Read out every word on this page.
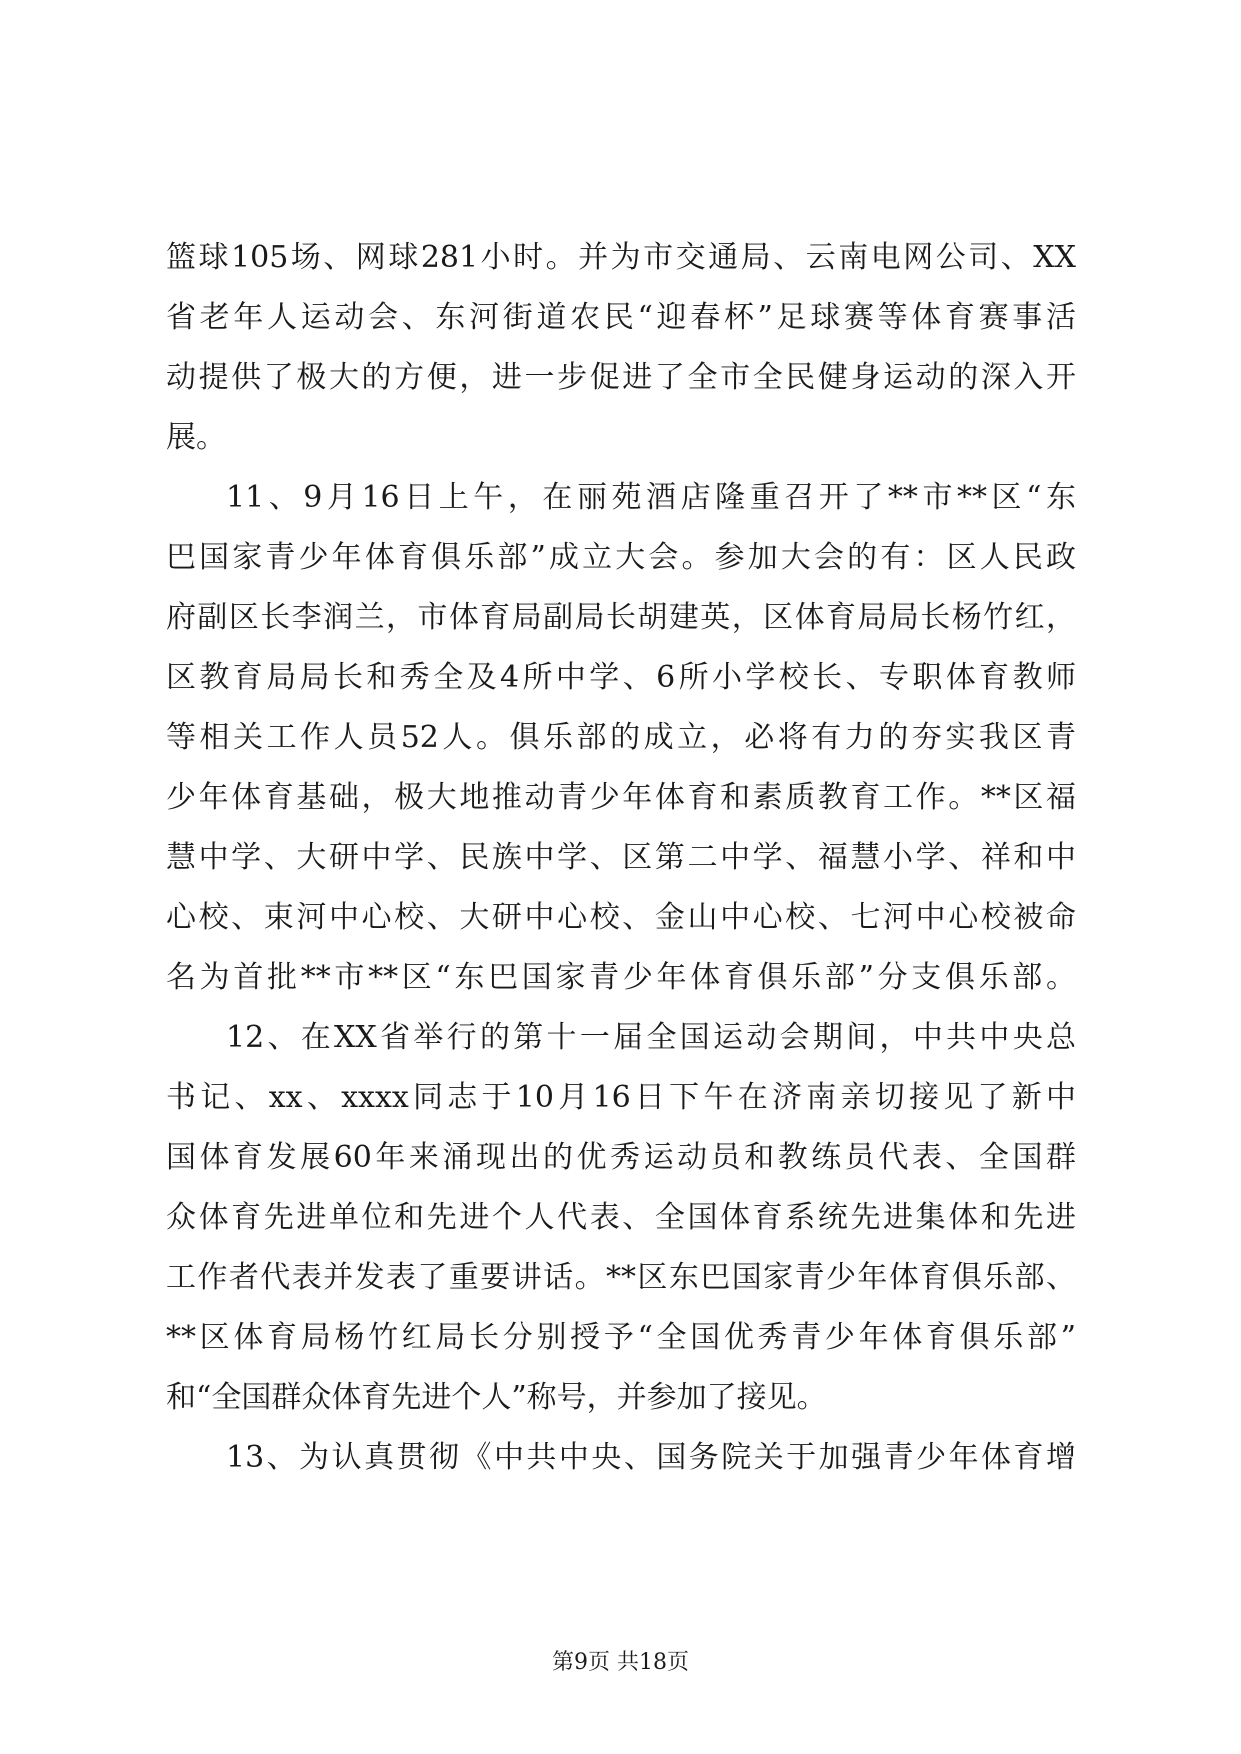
篮球105场、网球281小时。并为市交通局、云南电网公司、XX
省老年人运动会、东河街道农民“迎春杯”足球赛等体育赛事活
动提供了极大的方便，进一步促进了全市全民健身运动的深入开
展。
11、9月16日上午，在丽苑酒店隆重召开了**市**区“东
巴国家青少年体育俱乐部”成立大会。参加大会的有：区人民政
府副区长李润兰，市体育局副局长胡建英，区体育局局长杨竹红，
区教育局局长和秀全及4所中学、6所小学校长、专职体育教师
等相关工作人员52人。俱乐部的成立，必将有力的夯实我区青
少年体育基础，极大地推动青少年体育和素质教育工作。**区福
慧中学、大研中学、民族中学、区第二中学、福慧小学、祥和中
心校、束河中心校、大研中心校、金山中心校、七河中心校被命
名为首批**市**区“东巴国家青少年体育俱乐部”分支俱乐部。
12、在XX省举行的第十一届全国运动会期间，中共中央总
书记、xx、xxxx同志于10月16日下午在济南亲切接见了新中
国体育发展60年来涌现出的优秀运动员和教练员代表、全国群
众体育先进单位和先进个人代表、全国体育系统先进集体和先进
工作者代表并发表了重要讲话。**区东巴国家青少年体育俱乐部、
**区体育局杨竹红局长分别授予“全国优秀青少年体育俱乐部”
和“全国群众体育先进个人”称号，并参加了接见。
13、为认真贯彻《中共中央、国务院关于加强青少年体育增
第9页 共18页
